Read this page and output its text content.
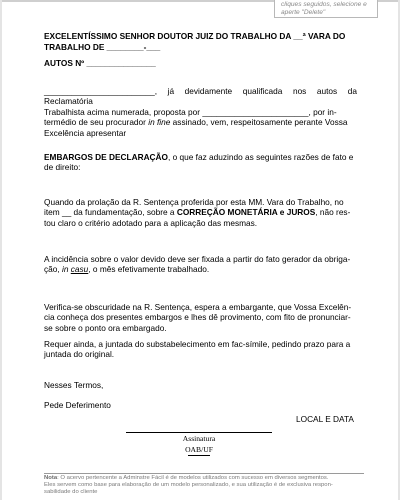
cliques seguidos, selecione e
aperte "Delete"
EXCELENTÍSSIMO SENHOR DOUTOR JUIZ DO TRABALHO DA __ª VARA DO
TRABALHO DE ________-___
AUTOS Nº _______________
________________________, já devidamente qualificada nos autos da Reclamatória
Trabalhista acima numerada, proposta por _______________________, por in-
termédio de seu procurador in fine assinado, vem, respeitosamente perante Vossa
Excelência apresentar
EMBARGOS DE DECLARAÇÃO, o que faz aduzindo as seguintes razões de fato e
de direito:
Quando da prolação da R. Sentença proferida por esta MM. Vara do Trabalho, no
item __ da fundamentação, sobre a CORREÇÃO MONETÁRIA e JUROS, não res-
tou claro o critério adotado para a aplicação das mesmas.
A incidência sobre o valor devido deve ser fixada a partir do fato gerador da obriga-
ção, in casu, o mês efetivamente trabalhado.
Verifica-se obscuridade na R. Sentença, espera a embargante, que Vossa Excelên-
cia conheça dos presentes embargos e lhes dê provimento, com fito de pronunciar-
se sobre o ponto ora embargado.
Requer ainda, a juntada do substabelecimento em fac-símile, pedindo prazo para a
juntada do original.
Nesses Termos,
Pede Deferimento
LOCAL E DATA
Assinatura
OAB/UF
Nota: O acervo pertencente a Adminstre Fácil é de modelos utilizados com sucesso em diversos segmentos.
Eles servem como base para elaboração de um modelo personalizado, e sua utilização é de exclusiva respon-
sabilidade do cliente
